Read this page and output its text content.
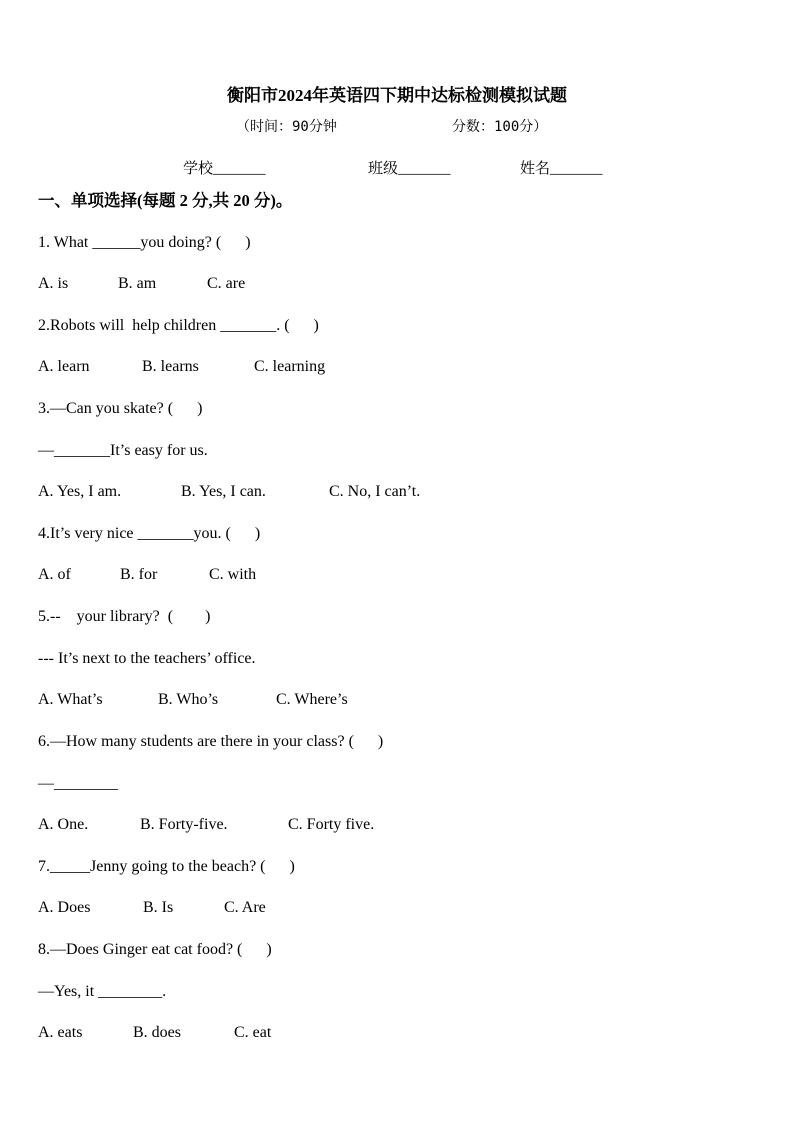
衡阳市2024年英语四下期中达标检测模拟试题
（时间：90分钟	分数：100分）
学校_______	班级_______	姓名_______
一、单项选择(每题 2 分,共 20 分)。
1. What ______you doing? (      )
A. is	B. am	C. are
2.Robots will  help children _______. (      )
A. learn	B. learns	C. learning
3.—Can you skate? (      )
—_______It’s easy for us.
A. Yes, I am.	B. Yes, I can.	C. No, I can’t.
4.It’s very nice _______you. (      )
A. of	B. for	C. with
5.--    your library?  (        )
--- It’s next to the teachers’ office.
A. What’s	B. Who’s	C. Where’s
6.—How many students are there in your class? (      )
—________
A. One.	B. Forty-five.	C. Forty five.
7._____Jenny going to the beach? (      )
A. Does	B. Is	C. Are
8.—Does Ginger eat cat food? (      )
—Yes, it ________.
A. eats	B. does	C. eat
